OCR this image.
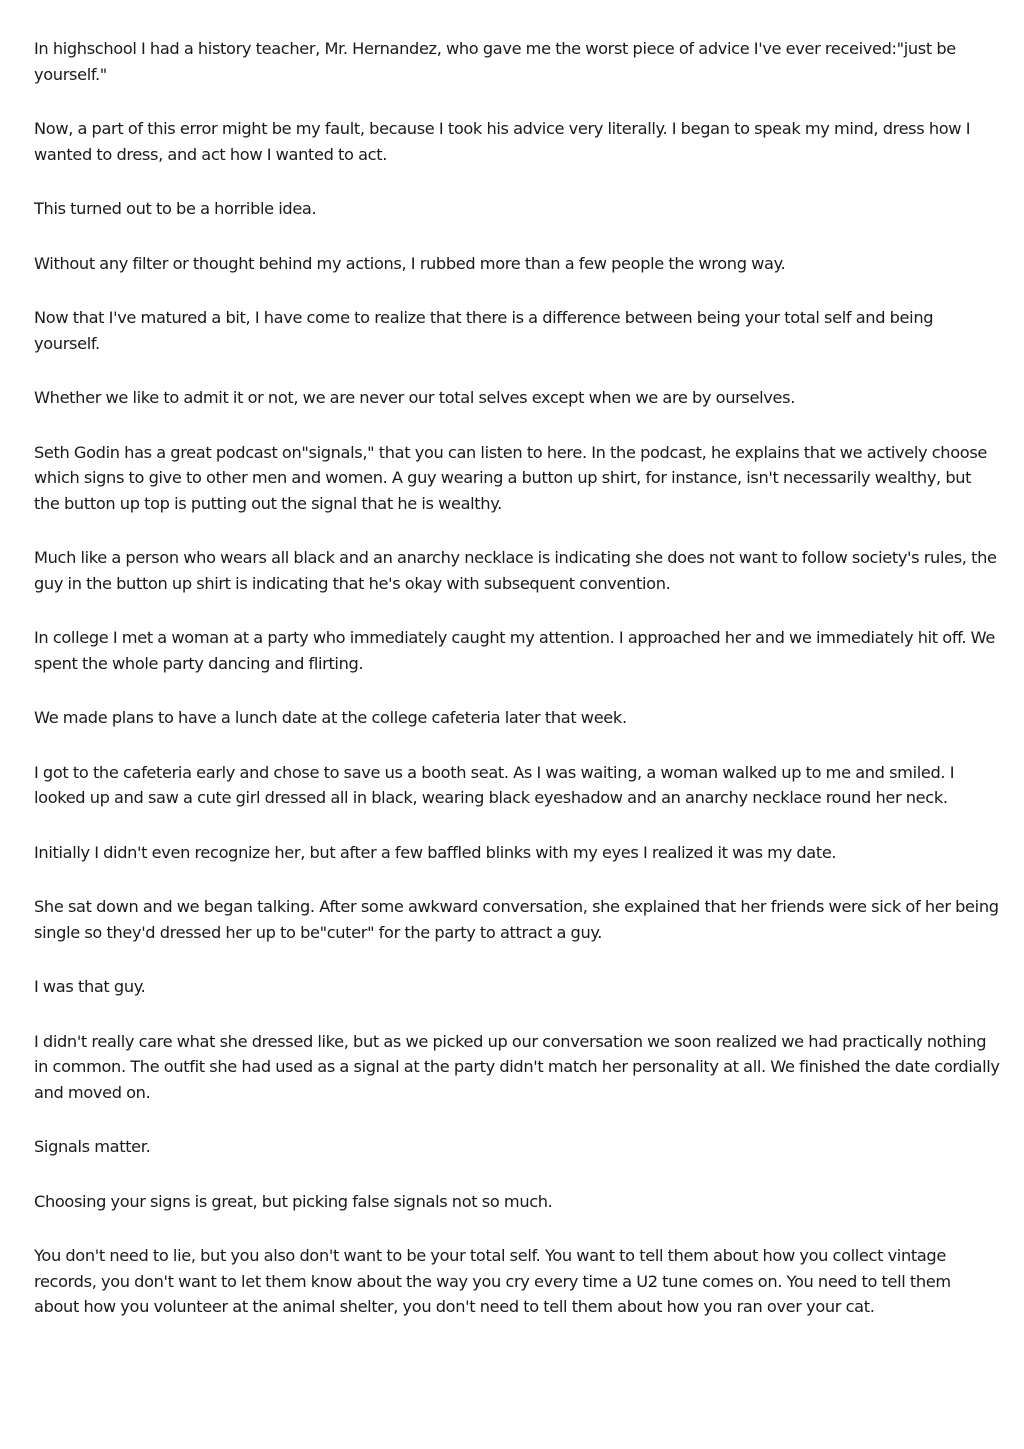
In highschool I had a history teacher, Mr. Hernandez, who gave me the worst piece of advice I've ever received:"just be yourself."

Now, a part of this error might be my fault, because I took his advice very literally. I began to speak my mind, dress how I wanted to dress, and act how I wanted to act.

This turned out to be a horrible idea.

Without any filter or thought behind my actions, I rubbed more than a few people the wrong way.

Now that I've matured a bit, I have come to realize that there is a difference between being your total self and being yourself.

Whether we like to admit it or not, we are never our total selves except when we are by ourselves.

Seth Godin has a great podcast on"signals," that you can listen to here. In the podcast, he explains that we actively choose which signs to give to other men and women. A guy wearing a button up shirt, for instance, isn't necessarily wealthy, but the button up top is putting out the signal that he is wealthy.

Much like a person who wears all black and an anarchy necklace is indicating she does not want to follow society's rules, the guy in the button up shirt is indicating that he's okay with subsequent convention.

In college I met a woman at a party who immediately caught my attention. I approached her and we immediately hit off. We spent the whole party dancing and flirting.

We made plans to have a lunch date at the college cafeteria later that week.

I got to the cafeteria early and chose to save us a booth seat. As I was waiting, a woman walked up to me and smiled. I looked up and saw a cute girl dressed all in black, wearing black eyeshadow and an anarchy necklace round her neck.

Initially I didn't even recognize her, but after a few baffled blinks with my eyes I realized it was my date.

She sat down and we began talking. After some awkward conversation, she explained that her friends were sick of her being single so they'd dressed her up to be"cuter" for the party to attract a guy.

I was that guy.

I didn't really care what she dressed like, but as we picked up our conversation we soon realized we had practically nothing in common. The outfit she had used as a signal at the party didn't match her personality at all. We finished the date cordially and moved on.

Signals matter.

Choosing your signs is great, but picking false signals not so much.

You don't need to lie, but you also don't want to be your total self. You want to tell them about how you collect vintage records, you don't want to let them know about the way you cry every time a U2 tune comes on. You need to tell them about how you volunteer at the animal shelter, you don't need to tell them about how you ran over your cat.
